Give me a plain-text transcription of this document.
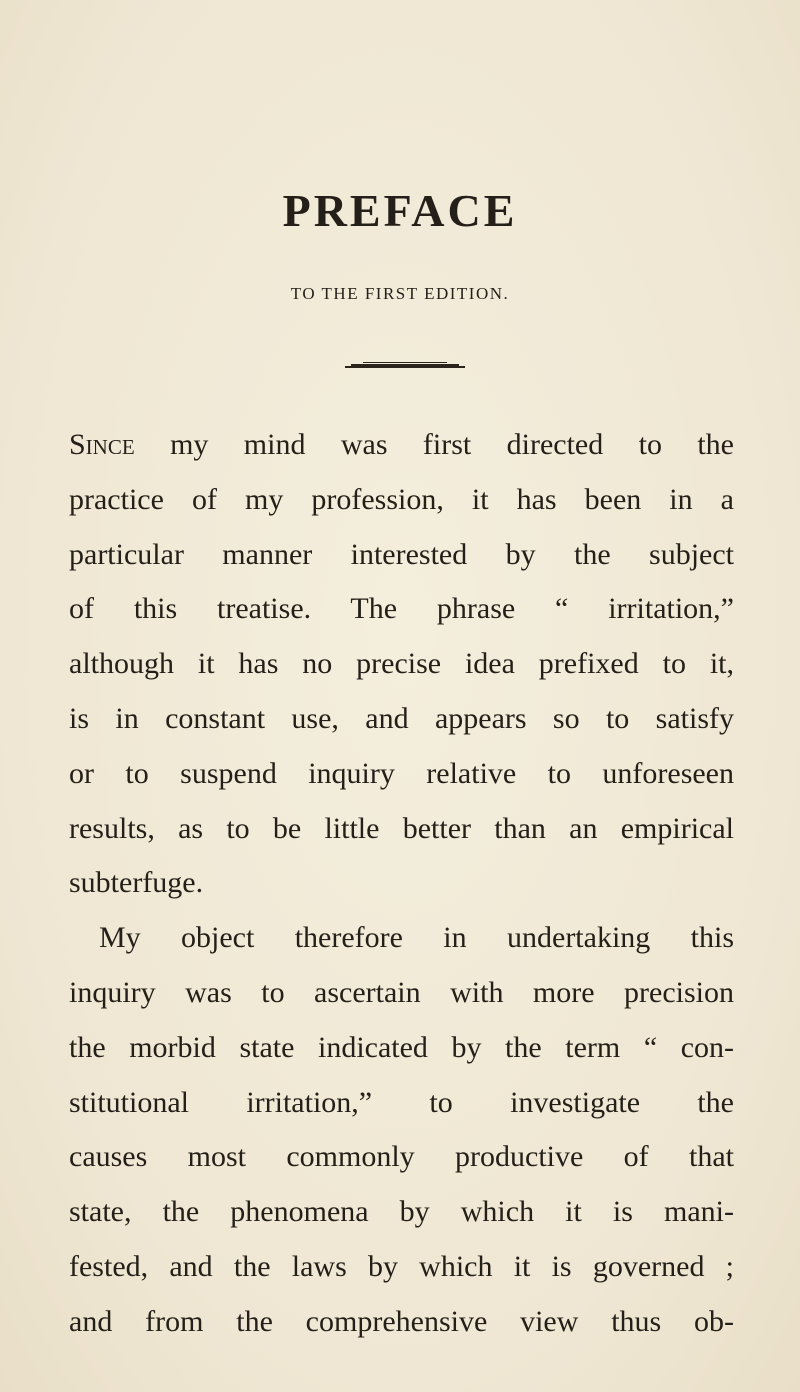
PREFACE
TO THE FIRST EDITION.
Since my mind was first directed to the
practice of my profession, it has been in a
particular manner interested by the subject
of this treatise. The phrase “ irritation,”
although it has no precise idea prefixed to it,
is in constant use, and appears so to satisfy
or to suspend inquiry relative to unforeseen
results, as to be little better than an empirical
subterfuge.
My object therefore in undertaking this
inquiry was to ascertain with more precision
the morbid state indicated by the term “ con-
stitutional irritation,” to investigate the
causes most commonly productive of that
state, the phenomena by which it is mani-
fested, and the laws by which it is governed ;
and from the comprehensive view thus ob-
